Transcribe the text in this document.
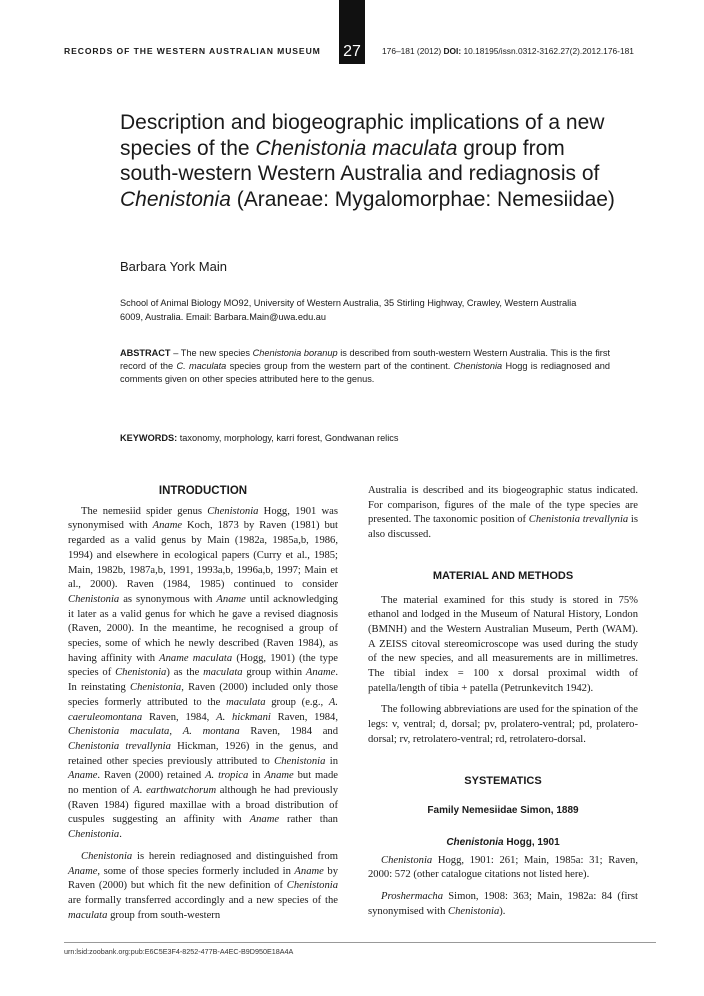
RECORDS OF THE WESTERN AUSTRALIAN MUSEUM 27	176–181 (2012) DOI: 10.18195/issn.0312-3162.27(2).2012.176-181
Description and biogeographic implications of a new species of the Chenistonia maculata group from south-western Western Australia and rediagnosis of Chenistonia (Araneae: Mygalomorphae: Nemesiidae)
Barbara York Main
School of Animal Biology MO92, University of Western Australia, 35 Stirling Highway, Crawley, Western Australia 6009, Australia. Email: Barbara.Main@uwa.edu.au
ABSTRACT – The new species Chenistonia boranup is described from south-western Western Australia. This is the first record of the C. maculata species group from the western part of the continent. Chenistonia Hogg is rediagnosed and comments given on other species attributed here to the genus.
KEYWORDS: taxonomy, morphology, karri forest, Gondwanan relics
INTRODUCTION

The nemesiid spider genus Chenistonia Hogg, 1901 was synonymised with Aname Koch, 1873 by Raven (1981) but regarded as a valid genus by Main (1982a, 1985a,b, 1986, 1994) and elsewhere in ecological papers (Curry et al., 1985; Main, 1982b, 1987a,b, 1991, 1993a,b, 1996a,b, 1997; Main et al., 2000). Raven (1984, 1985) continued to consider Chenistonia as synonymous with Aname until acknowledging it later as a valid genus for which he gave a revised diagnosis (Raven, 2000). In the meantime, he recognised a group of species, some of which he newly described (Raven 1984), as having affinity with Aname maculata (Hogg, 1901) (the type species of Chenistonia) as the maculata group within Aname. In reinstating Chenistonia, Raven (2000) included only those species formerly attributed to the maculata group (e.g., A. caeruleomontana Raven, 1984, A. hickmani Raven, 1984, Chenistonia maculata, A. montana Raven, 1984 and Chenistonia trevallynia Hickman, 1926) in the genus, and retained other species previously attributed to Chenistonia in Aname. Raven (2000) retained A. tropica in Aname but made no mention of A. earthwatchorum although he had previously (Raven 1984) figured maxillae with a broad distribution of cuspules suggesting an affinity with Aname rather than Chenistonia.

Chenistonia is herein rediagnosed and distinguished from Aname, some of those species formerly included in Aname by Raven (2000) but which fit the new definition of Chenistonia are formally transferred accordingly and a new species of the maculata group from south-western

Australia is described and its biogeographic status indicated. For comparison, figures of the male of the type species are presented. The taxonomic position of Chenistonia trevallynia is also discussed.

MATERIAL AND METHODS

The material examined for this study is stored in 75% ethanol and lodged in the Museum of Natural History, London (BMNH) and the Western Australian Museum, Perth (WAM). A ZEISS citoval stereomicroscope was used during the study of the new species, and all measurements are in millimetres. The tibial index = 100 x dorsal proximal width of patella/length of tibia + patella (Petrunkevitch 1942).

The following abbreviations are used for the spination of the legs: v, ventral; d, dorsal; pv, prolatero-ventral; pd, prolatero-dorsal; rv, retrolatero-ventral; rd, retrolatero-dorsal.

SYSTEMATICS
Family Nemesiidae Simon, 1889
Chenistonia Hogg, 1901

Chenistonia Hogg, 1901: 261; Main, 1985a: 31; Raven, 2000: 572 (other catalogue citations not listed here).

Proshermacha Simon, 1908: 363; Main, 1982a: 84 (first synonymised with Chenistonia).

urn:lsid:zoobank.org:pub:E6C5E3F4-8252-477B-A4EC-B9D950E18A4A
